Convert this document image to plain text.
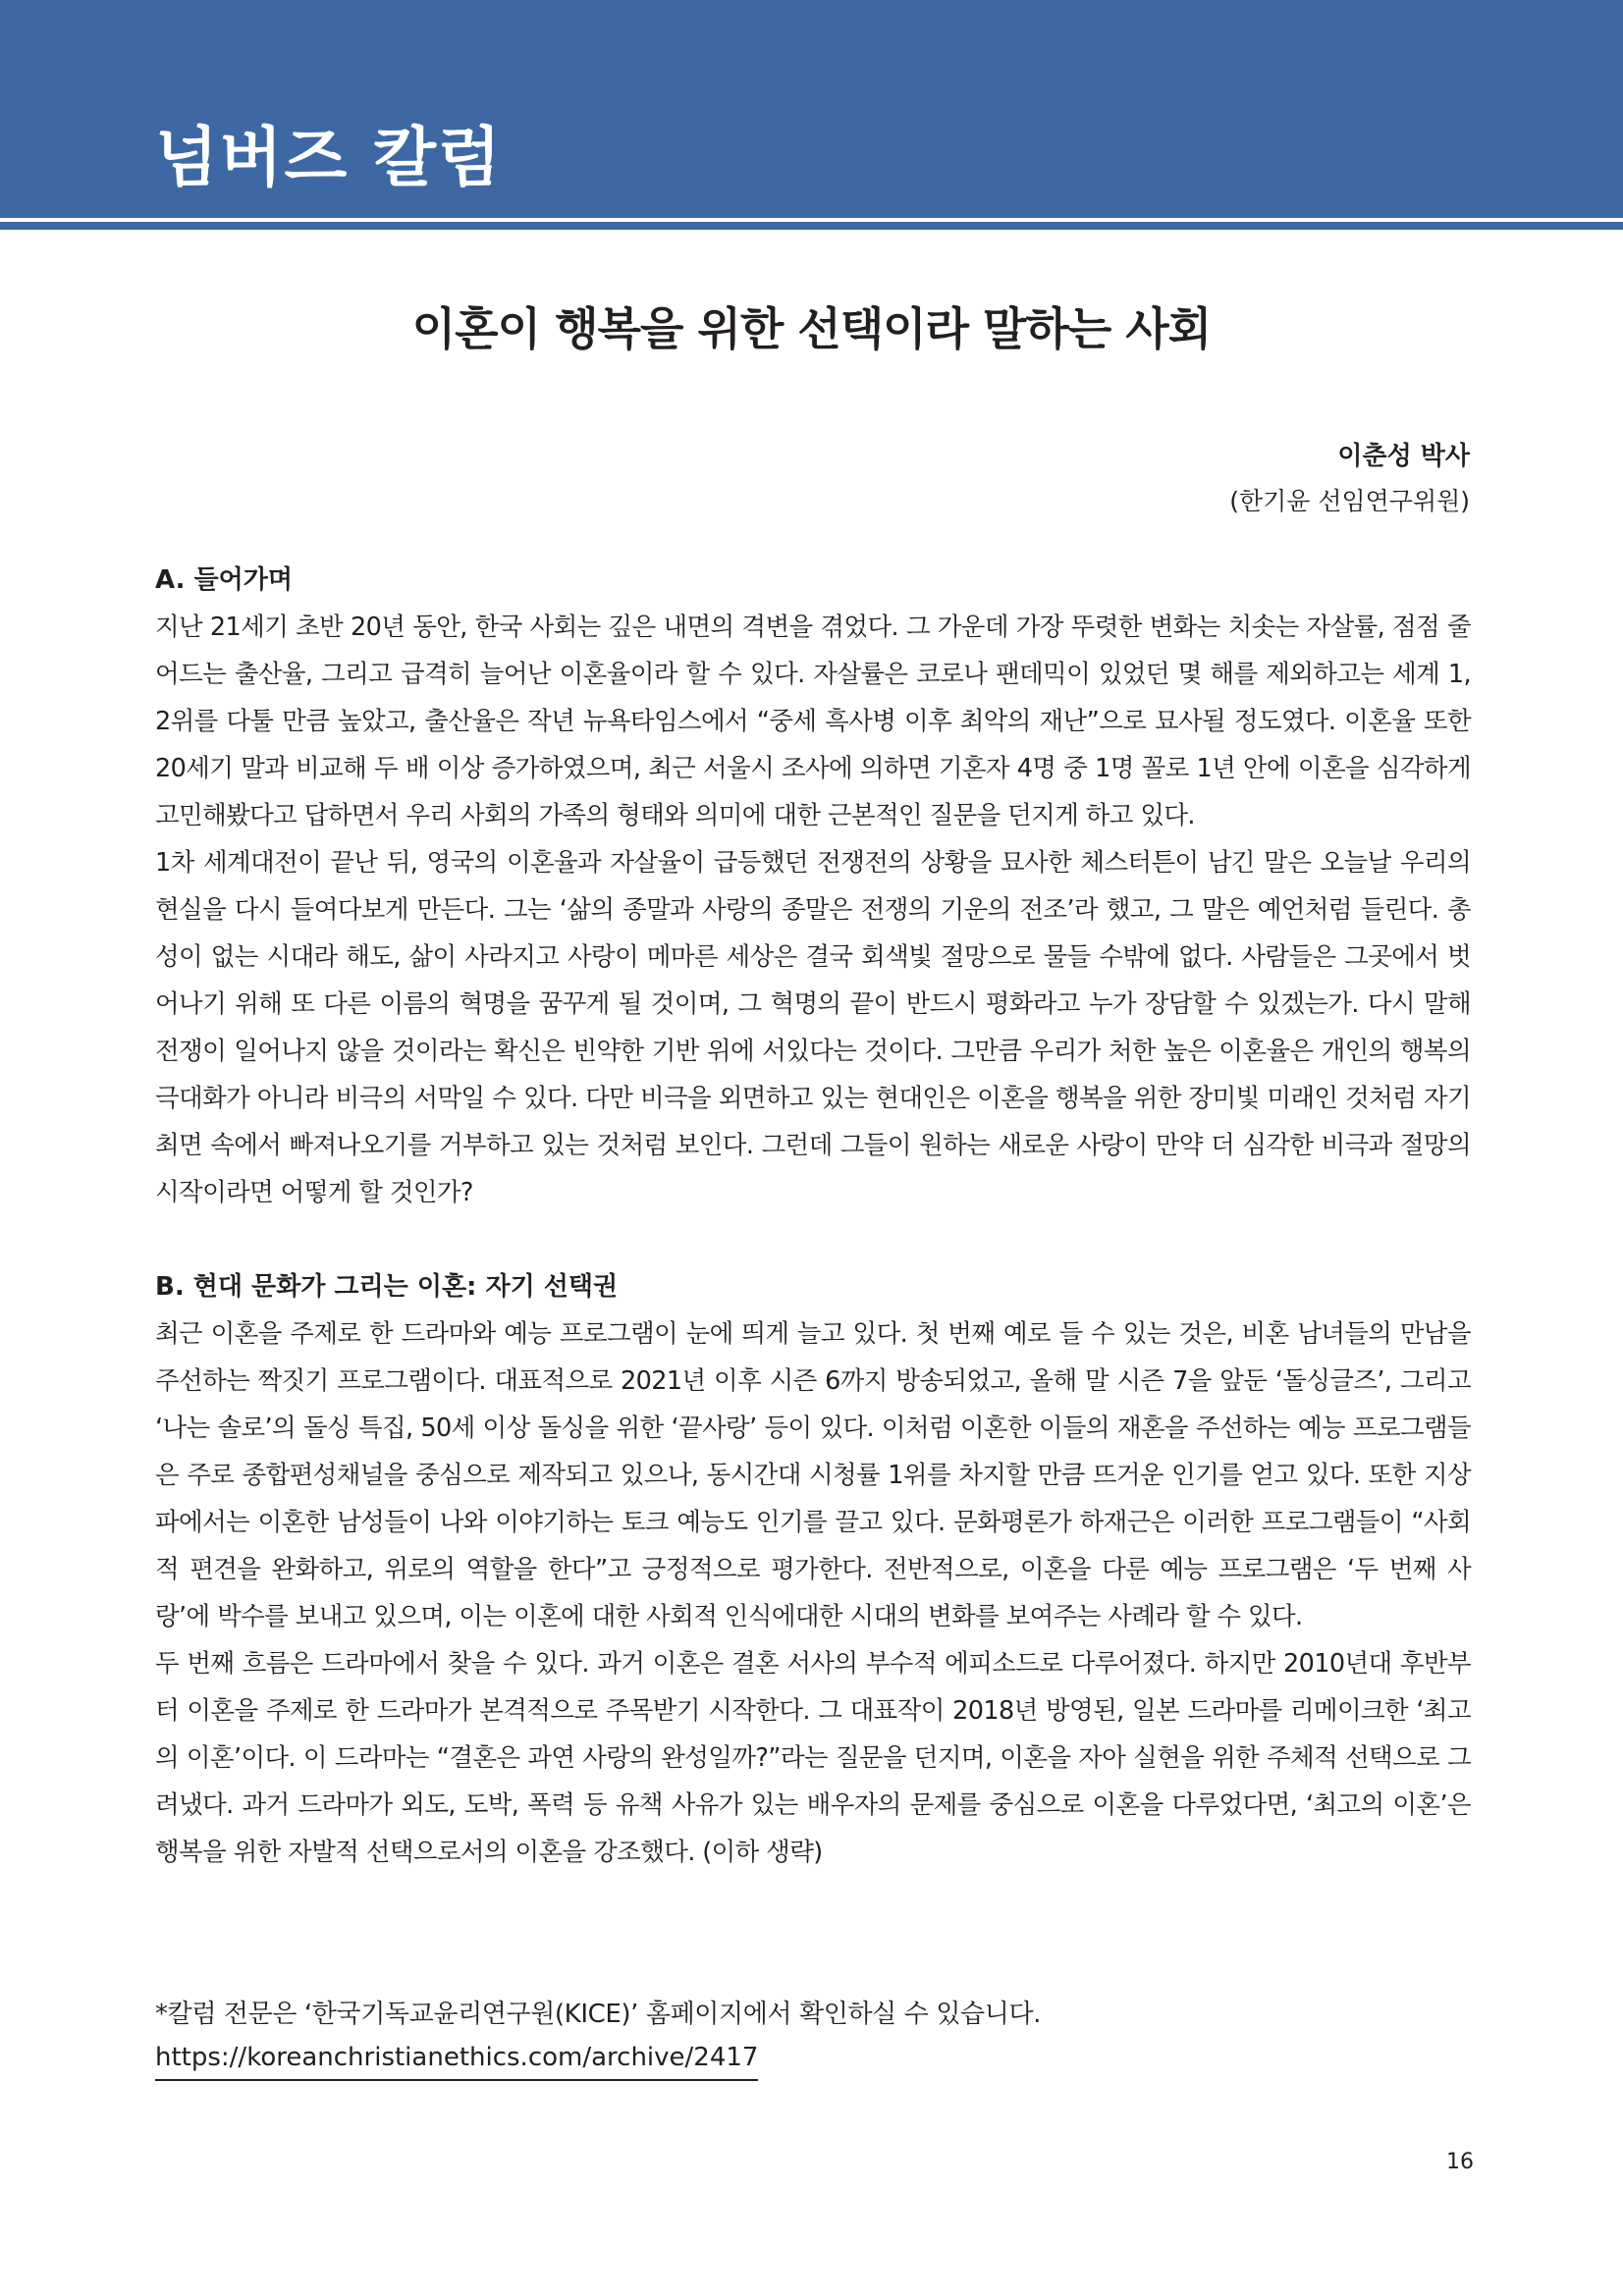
넘버즈 칼럼
이혼이 행복을 위한 선택이라 말하는 사회
이춘성 박사
(한기윤 선임연구위원)
A. 들어가며

지난 21세기 초반 20년 동안, 한국 사회는 깊은 내면의 격변을 겪었다. 그 가운데 가장 뚜렷한 변화는 치솟는 자살률, 점점 줄어드는 출산율, 그리고 급격히 늘어난 이혼율이라 할 수 있다. 자살률은 코로나 팬데믹이 있었던 몇 해를 제외하고는 세계 1, 2위를 다툴 만큼 높았고, 출산율은 작년 뉴욕타임스에서 “중세 흑사병 이후 최악의 재난”으로 묘사될 정도였다. 이혼율 또한 20세기 말과 비교해 두 배 이상 증가하였으며, 최근 서울시 조사에 의하면 기혼자 4명 중 1명 꼴로 1년 안에 이혼을 심각하게 고민해봤다고 답하면서 우리 사회의 가족의 형태와 의미에 대한 근본적인 질문을 던지게 하고 있다.

1차 세계대전이 끝난 뒤, 영국의 이혼율과 자살율이 급등했던 전쟁전의 상황을 묘사한 체스터튼이 남긴 말은 오늘날 우리의 현실을 다시 들여다보게 만든다. 그는 ‘삶의 종말과 사랑의 종말은 전쟁의 기운의 전조’라 했고, 그 말은 예언처럼 들린다. 총성이 없는 시대라 해도, 삶이 사라지고 사랑이 메마른 세상은 결국 회색빛 절망으로 물들 수밖에 없다. 사람들은 그곳에서 벗어나기 위해 또 다른 이름의 혁명을 꿈꾸게 될 것이며, 그 혁명의 끝이 반드시 평화라고 누가 장담할 수 있겠는가. 다시 말해 전쟁이 일어나지 않을 것이라는 확신은 빈약한 기반 위에 서있다는 것이다. 그만큼 우리가 처한 높은 이혼율은 개인의 행복의 극대화가 아니라 비극의 서막일 수 있다. 다만 비극을 외면하고 있는 현대인은 이혼을 행복을 위한 장미빛 미래인 것처럼 자기 최면 속에서 빠져나오기를 거부하고 있는 것처럼 보인다. 그런데 그들이 원하는 새로운 사랑이 만약 더 심각한 비극과 절망의 시작이라면 어떻게 할 것인가?

B. 현대 문화가 그리는 이혼: 자기 선택권

최근 이혼을 주제로 한 드라마와 예능 프로그램이 눈에 띄게 늘고 있다. 첫 번째 예로 들 수 있는 것은, 비혼 남녀들의 만남을 주선하는 짝짓기 프로그램이다. 대표적으로 2021년 이후 시즌 6까지 방송되었고, 올해 말 시즌 7을 앞둔 ‘돌싱글즈’, 그리고 ‘나는 솔로’의 돌싱 특집, 50세 이상 돌싱을 위한 ‘끝사랑’ 등이 있다. 이처럼 이혼한 이들의 재혼을 주선하는 예능 프로그램들은 주로 종합편성채널을 중심으로 제작되고 있으나, 동시간대 시청률 1위를 차지할 만큼 뜨거운 인기를 얻고 있다. 또한 지상파에서는 이혼한 남성들이 나와 이야기하는 토크 예능도 인기를 끌고 있다. 문화평론가 하재근은 이러한 프로그램들이 “사회적 편견을 완화하고, 위로의 역할을 한다”고 긍정적으로 평가한다. 전반적으로, 이혼을 다룬 예능 프로그램은 ‘두 번째 사랑’에 박수를 보내고 있으며, 이는 이혼에 대한 사회적 인식에대한 시대의 변화를 보여주는 사례라 할 수 있다.

두 번째 흐름은 드라마에서 찾을 수 있다. 과거 이혼은 결혼 서사의 부수적 에피소드로 다루어졌다. 하지만 2010년대 후반부터 이혼을 주제로 한 드라마가 본격적으로 주목받기 시작한다. 그 대표작이 2018년 방영된, 일본 드라마를 리메이크한 ‘최고의 이혼’이다. 이 드라마는 “결혼은 과연 사랑의 완성일까?”라는 질문을 던지며, 이혼을 자아 실현을 위한 주체적 선택으로 그려냈다. 과거 드라마가 외도, 도박, 폭력 등 유책 사유가 있는 배우자의 문제를 중심으로 이혼을 다루었다면, ‘최고의 이혼’은 행복을 위한 자발적 선택으로서의 이혼을 강조했다. (이하 생략)

*칼럼 전문은 ‘한국기독교윤리연구원(KICE)’ 홈페이지에서 확인하실 수 있습니다.
https://koreanchristianethics.com/archive/2417
16
